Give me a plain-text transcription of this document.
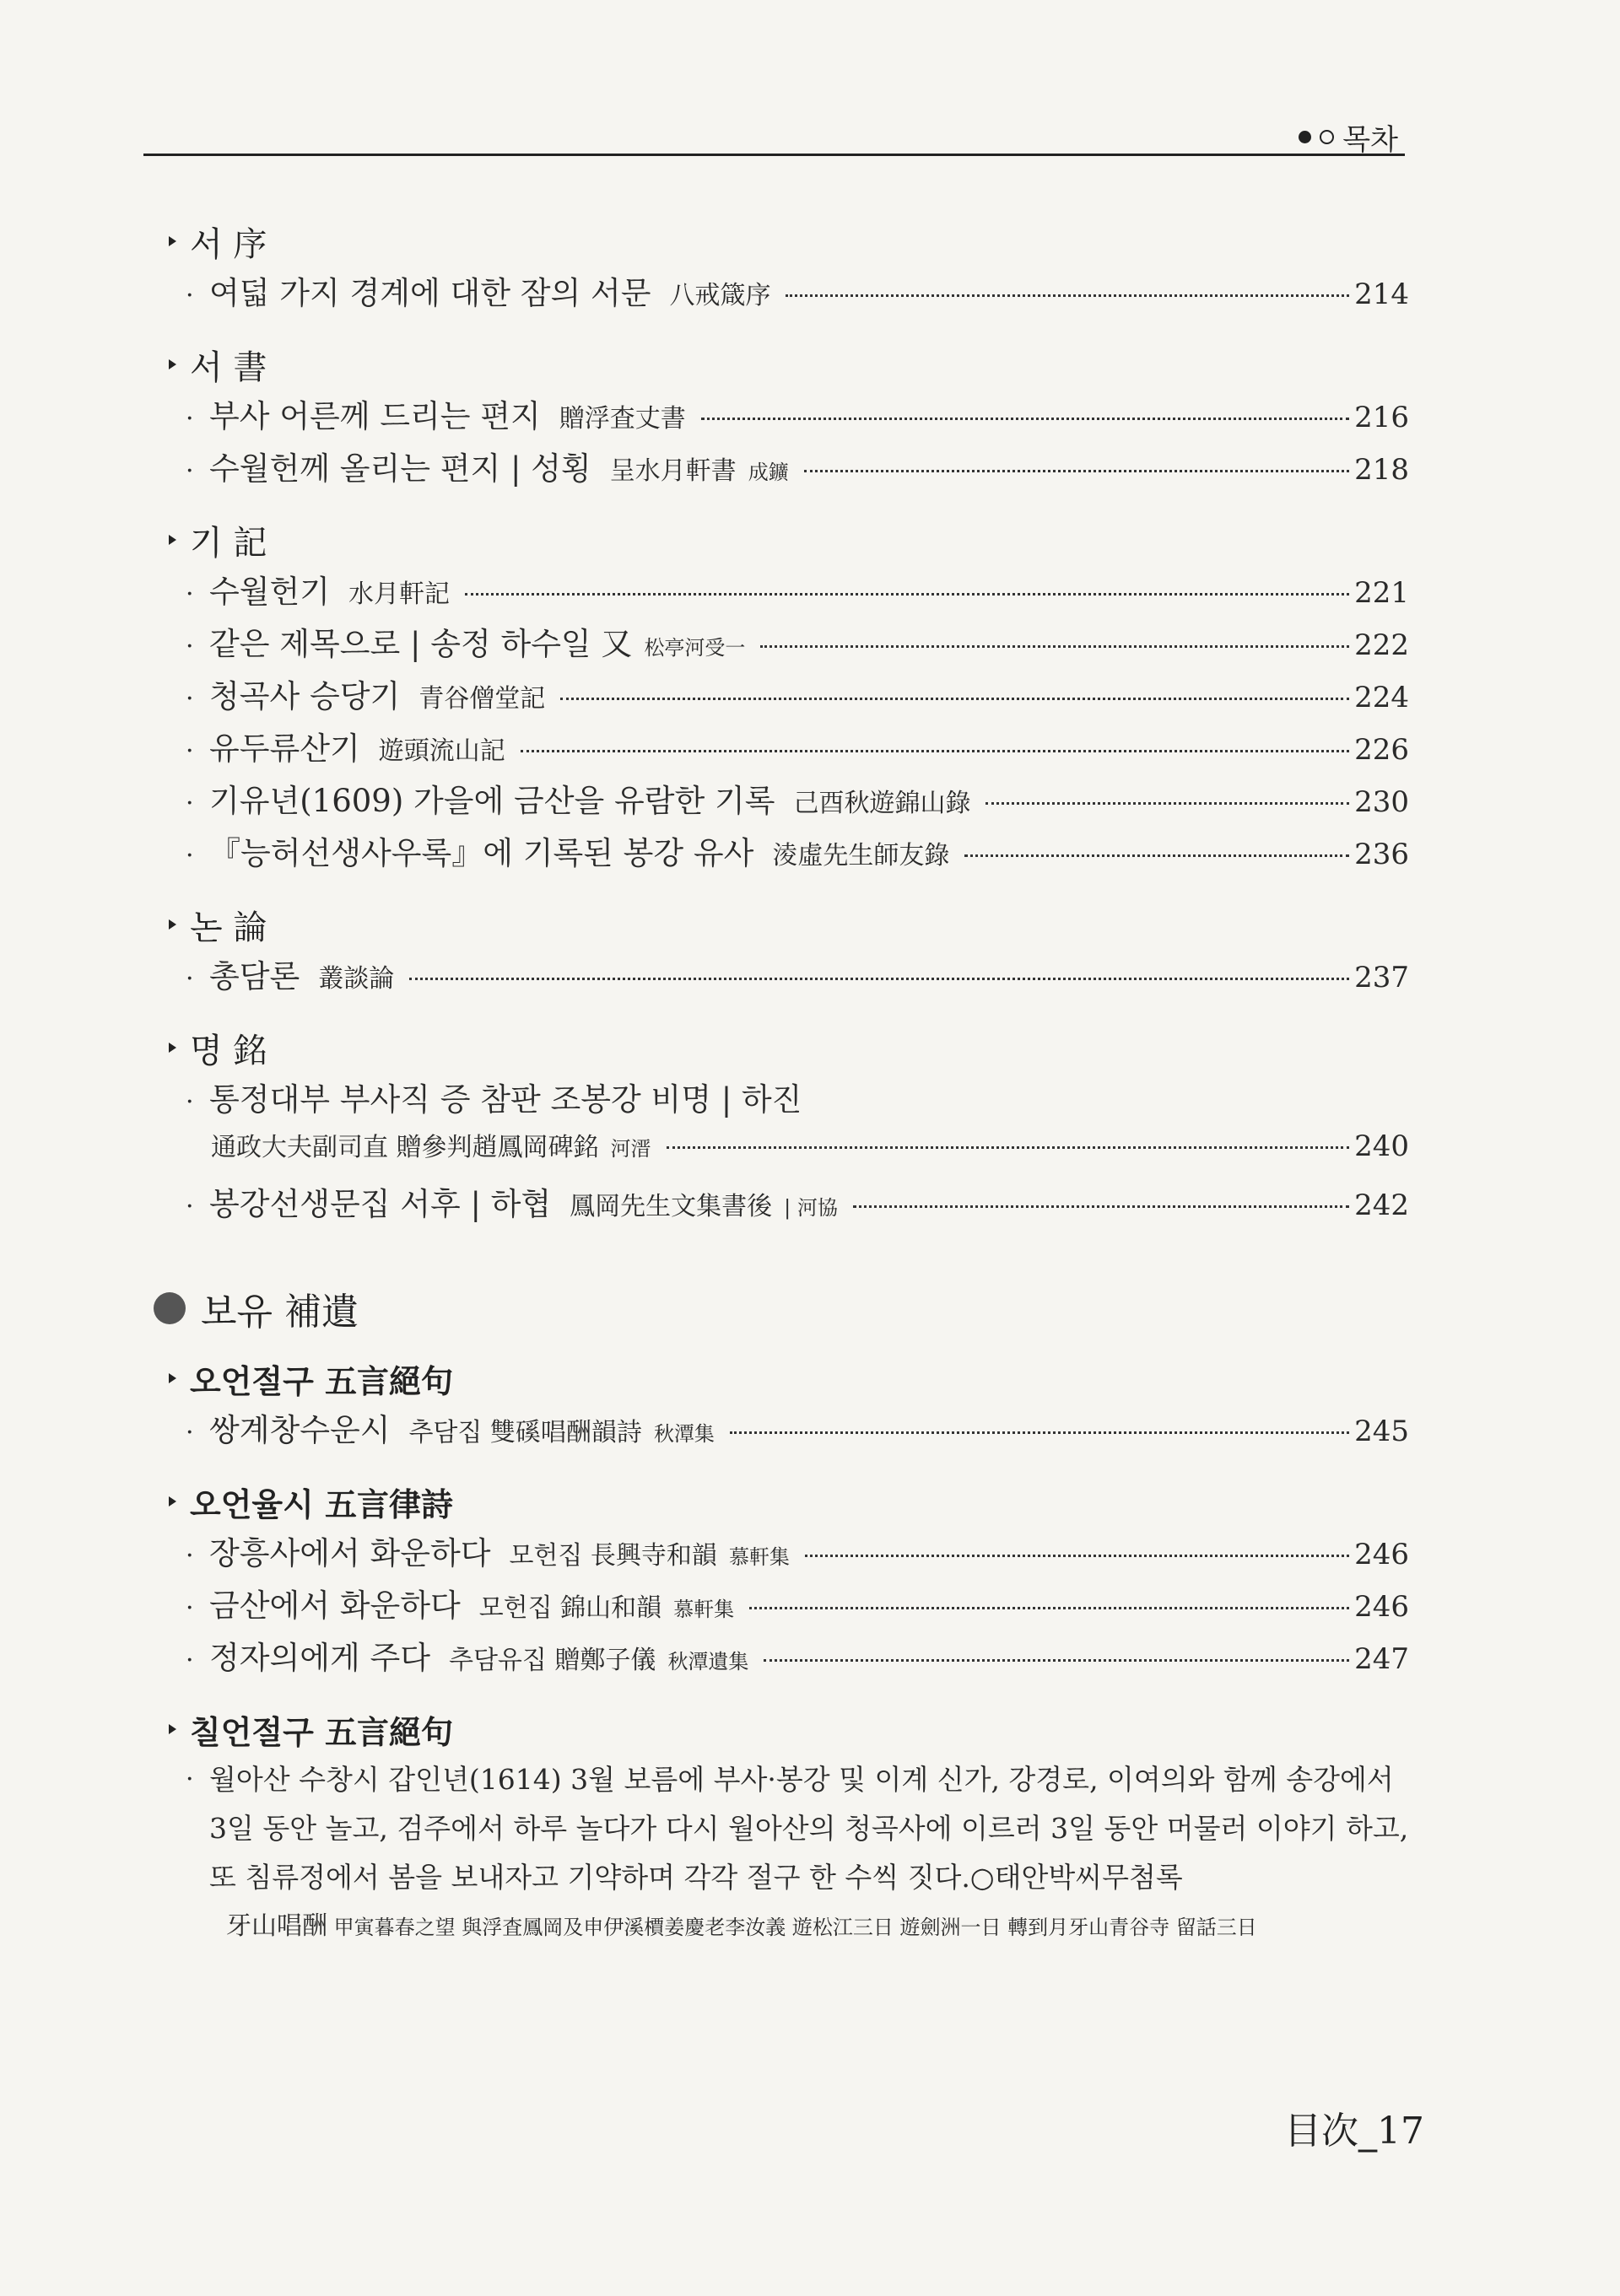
목차
서 序
· 여덟 가지 경계에 대한 잠의 서문 八戒箴序	214
서 書
· 부사 어른께 드리는 편지 贈浮査丈書	216
· 수월헌께 올리는 편지 | 성횡 呈水月軒書 成鑛	218
기 記
· 수월헌기 水月軒記	221
· 같은 제목으로 | 송정 하수일 又 松亭河受一	222
· 청곡사 승당기 青谷僧堂記	224
· 유두류산기 遊頭流山記	226
· 기유년(1609) 가을에 금산을 유람한 기록 己酉秋遊錦山錄	230
· 『능허선생사우록』에 기록된 봉강 유사 淩虛先生師友錄	236
논 論
· 총담론 叢談論	237
명 銘
· 통정대부 부사직 증 참판 조봉강 비명 | 하진
通政大夫副司直 贈參判趙鳳岡碑銘 河溍	240
· 봉강선생문집 서후 | 하협 鳳岡先生文集書後 | 河協	242
보유 補遺
오언절구 五言絕句
· 쌍계창수운시 추담집 雙磎唱酬韻詩 秋潭集	245
오언율시 五言律詩
· 장흥사에서 화운하다 모헌집 長興寺和韻 慕軒集	246
· 금산에서 화운하다 모헌집 錦山和韻 慕軒集	246
· 정자의에게 주다 추담유집 贈鄭子儀 秋潭遺集	247
칠언절구 五言絕句
· 월아산 수창시 갑인년(1614) 3월 보름에 부사·봉강 및 이계 신가, 강경로, 이여의와 함께 송강에서
3일 동안 놀고, 검주에서 하루 놀다가 다시 월아산의 청곡사에 이르러 3일 동안 머물러 이야기 하고,
또 침류정에서 봄을 보내자고 기약하며 각각 절구 한 수씩 짓다.○태안박씨무첨록
牙山唱酬 甲寅暮春之望 與浮査鳳岡及申伊溪檟姜慶老李汝義 遊松江三日 遊劍洲一日 轉到月牙山青谷寺 留話三日
目次_17
